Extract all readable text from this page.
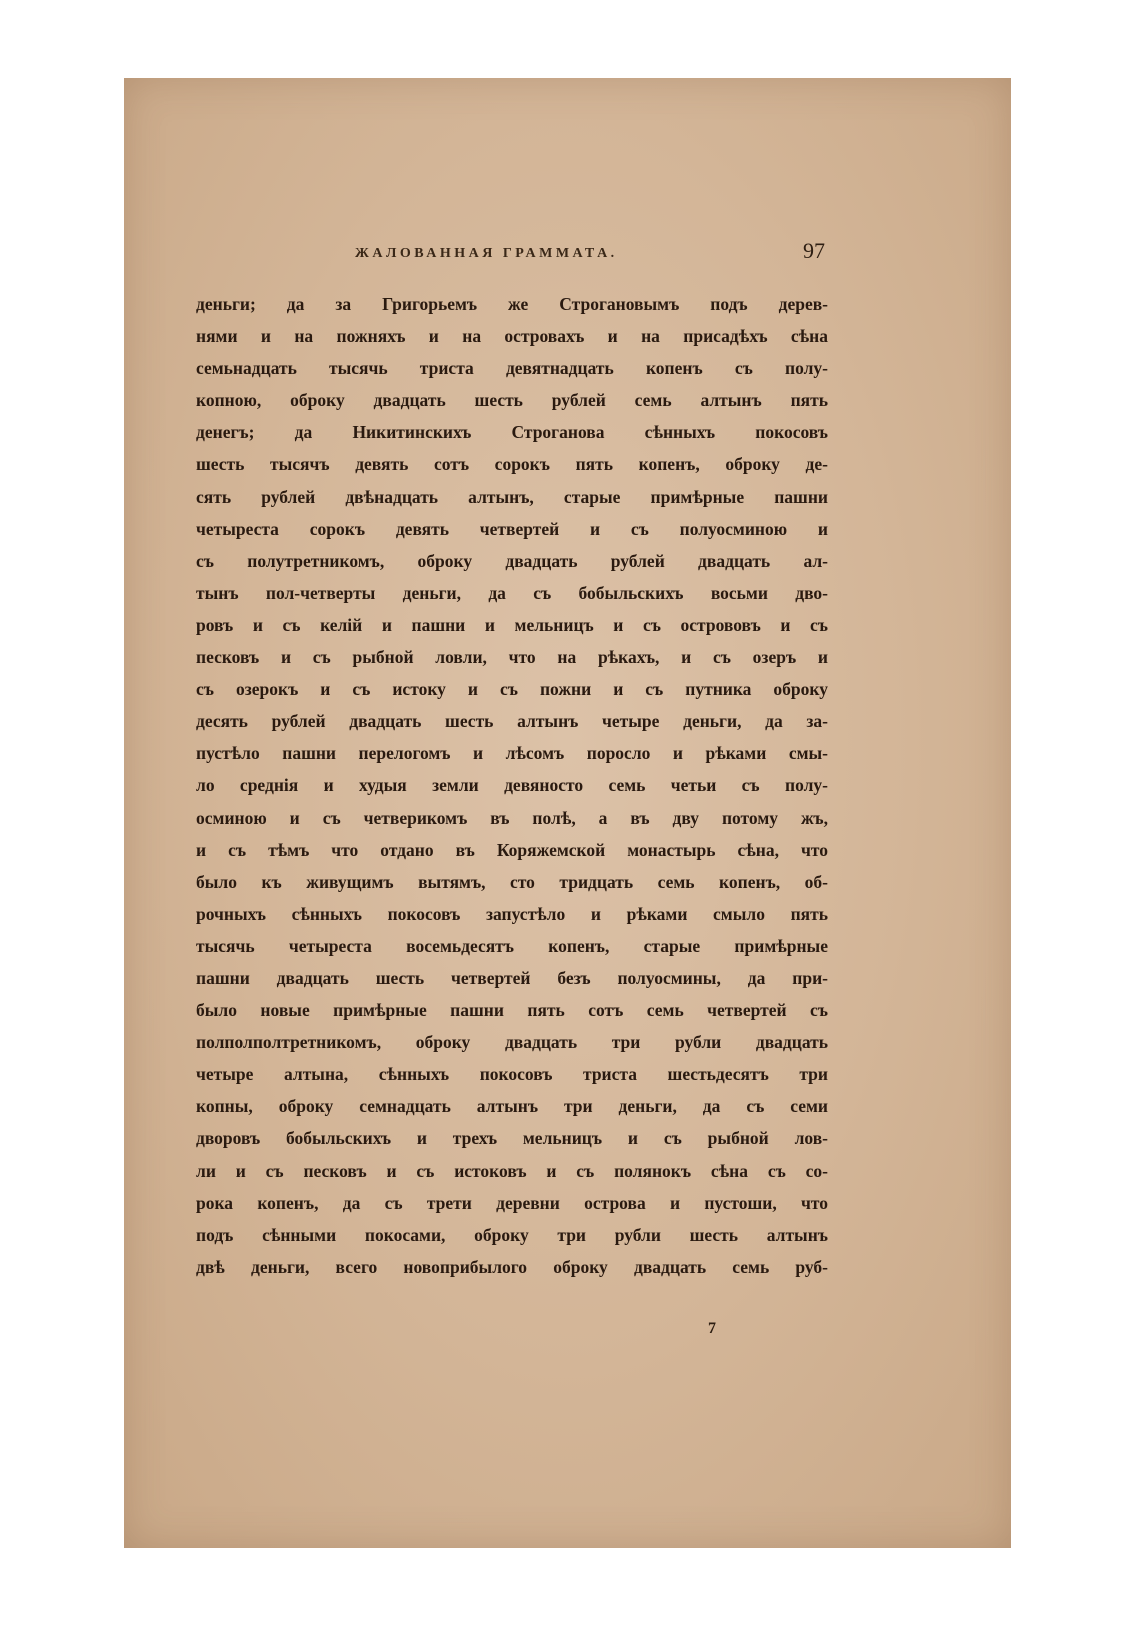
ЖАЛОВАННАЯ ГРАММАТА.	97
деньги; да за Григорьемъ же Строгановымъ подъ дерев-
нями и на пожняхъ и на островахъ и на присадѣхъ сѣна
семьнадцать тысячь триста девятнадцать копенъ съ полу-
копною, оброку двадцать шесть рублей семь алтынъ пять
денегъ; да Никитинскихъ Строганова сѣнныхъ покосовъ
шесть тысячъ девять сотъ сорокъ пять копенъ, оброку де-
сять рублей двѣнадцать алтынъ, старые примѣрные пашни
четыреста сорокъ девять четвертей и съ полуосминою и
съ полутретникомъ, оброку двадцать рублей двадцать ал-
тынъ пол-четверты деньги, да съ бобыльскихъ восьми дво-
ровъ и съ келій и пашни и мельницъ и съ острововъ и съ
песковъ и съ рыбной ловли, что на рѣкахъ, и съ озеръ и
съ озерокъ и съ истоку и съ пожни и съ путника оброку
десять рублей двадцать шесть алтынъ четыре деньги, да за-
пустѣло пашни перелогомъ и лѣсомъ поросло и рѣками смы-
ло среднія и худыя земли девяносто семь четьи съ полу-
осминою и съ четверикомъ въ полѣ, а въ дву потому жъ,
и съ тѣмъ что отдано въ Коряжемской монастырь сѣна, что
было къ живущимъ вытямъ, сто тридцать семь копенъ, об-
рочныхъ сѣнныхъ покосовъ запустѣло и рѣками смыло пять
тысячь четыреста восемьдесятъ копенъ, старые примѣрные
пашни двадцать шесть четвертей безъ полуосмины, да при-
было новые примѣрные пашни пять сотъ семь четвертей съ
полполполтретникомъ, оброку двадцать три рубли двадцать
четыре алтына, сѣнныхъ покосовъ триста шестьдесятъ три
копны, оброку семнадцать алтынъ три деньги, да съ семи
дворовъ бобыльскихъ и трехъ мельницъ и съ рыбной лов-
ли и съ песковъ и съ истоковъ и съ полянокъ сѣна съ со-
рока копенъ, да съ трети деревни острова и пустоши, что
подъ сѣнными покосами, оброку три рубли шесть алтынъ
двѣ деньги, всего новоприбылого оброку двадцать семь руб-
7
